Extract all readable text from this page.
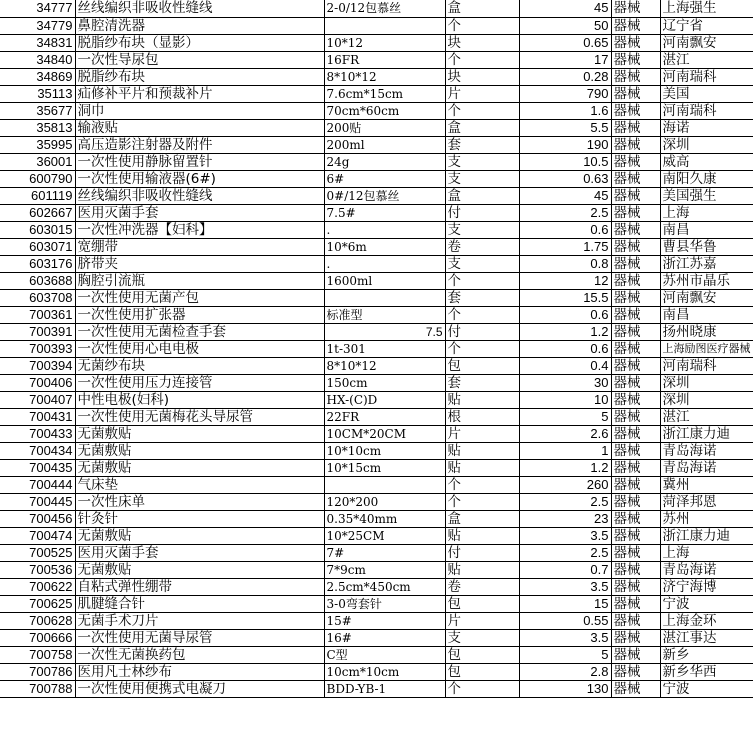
34777	丝线编织非吸收性缝线	2-0/12包慕丝	盒	45	器械	上海强生
34779	鼻腔清洗器		个	50	器械	辽宁省
34831	脱脂纱布块（显影）	10*12	块	0.65	器械	河南飘安
34840	一次性导尿包	16FR	个	17	器械	湛江
34869	脱脂纱布块	8*10*12	块	0.28	器械	河南瑞科
35113	疝修补平片和预裁补片	7.6cm*15cm	片	790	器械	美国
35677	洞巾	70cm*60cm	个	1.6	器械	河南瑞科
35813	输液贴	200贴	盒	5.5	器械	海诺
35995	高压造影注射器及附件	200ml	套	190	器械	深圳
36001	一次性使用静脉留置针	24g	支	10.5	器械	威高
600790	一次性使用输液器(6#)	6#	支	0.63	器械	南阳久康
601119	丝线编织非吸收性缝线	0#/12包慕丝	盒	45	器械	美国强生
602667	医用灭菌手套	7.5#	付	2.5	器械	上海
603015	一次性冲洗器【妇科】	.	支	0.6	器械	南昌
603071	宽绷带	10*6m	卷	1.75	器械	曹县华鲁
603176	脐带夹	.	支	0.8	器械	浙江苏嘉
603688	胸腔引流瓶	1600ml	个	12	器械	苏州市晶乐
603708	一次性使用无菌产包		套	15.5	器械	河南飘安
700361	一次性使用扩张器	标准型	个	0.6	器械	南昌
700391	一次性使用无菌检查手套	7.5	付	1.2	器械	扬州晓康
700393	一次性使用心电电极	1t-301	个	0.6	器械	上海励图医疗器械
700394	无菌纱布块	8*10*12	包	0.4	器械	河南瑞科
700406	一次性使用压力连接管	150cm	套	30	器械	深圳
700407	中性电极(妇科)	HX-(C)D	贴	10	器械	深圳
700431	一次性使用无菌梅花头导尿管	22FR	根	5	器械	湛江
700433	无菌敷贴	10CM*20CM	片	2.6	器械	浙江康力迪
700434	无菌敷贴	10*10cm	贴	1	器械	青岛海诺
700435	无菌敷贴	10*15cm	贴	1.2	器械	青岛海诺
700444	气床垫		个	260	器械	冀州
700445	一次性床单	120*200	个	2.5	器械	菏泽邦恩
700456	针灸针	0.35*40mm	盒	23	器械	苏州
700474	无菌敷贴	10*25CM	贴	3.5	器械	浙江康力迪
700525	医用灭菌手套	7#	付	2.5	器械	上海
700536	无菌敷贴	7*9cm	贴	0.7	器械	青岛海诺
700622	自粘式弹性绷带	2.5cm*450cm	卷	3.5	器械	济宁海博
700625	肌腱缝合针	3-0弯套针	包	15	器械	宁波
700628	无菌手术刀片	15#	片	0.55	器械	上海金环
700666	一次性使用无菌导尿管	16#	支	3.5	器械	湛江事达
700758	一次性无菌换药包	C型	包	5	器械	新乡
700786	医用凡士林纱布	10cm*10cm	包	2.8	器械	新乡华西
700788	一次性使用便携式电凝刀	BDD-YB-1	个	130	器械	宁波
